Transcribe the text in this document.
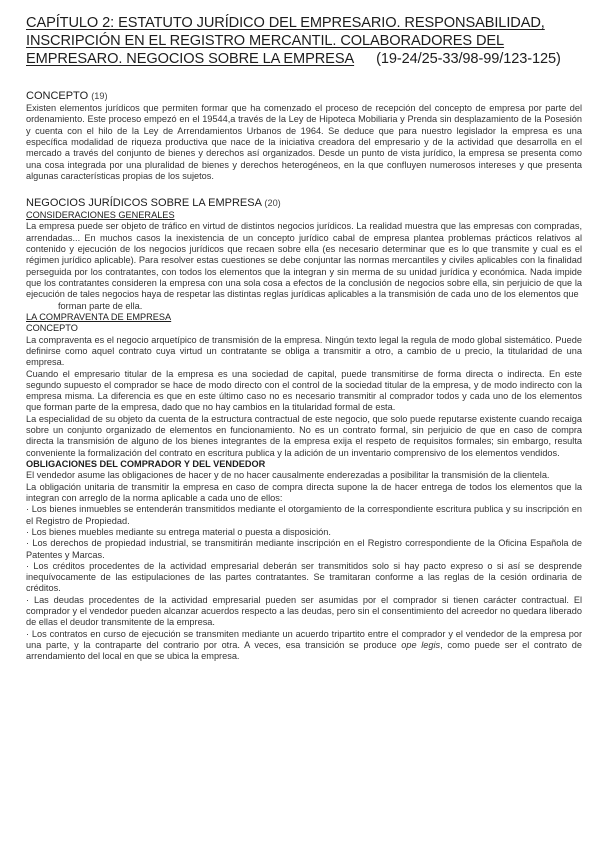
CAPÍTULO 2: ESTATUTO JURÍDICO DEL EMPRESARIO. RESPONSABILIDAD,
INSCRIPCIÓN EN EL REGISTRO MERCANTIL. COLABORADORES DEL
EMPRESARO. NEGOCIOS SOBRE LA EMPRESA (19-24/25-33/98-99/123-125)
CONCEPTO (19)

Existen elementos jurídicos que permiten formar que ha comenzado el proceso de recepción del concepto de empresa por parte del ordenamiento. Este proceso empezó en el 19544,a través de la Ley de Hipoteca Mobiliaria y Prenda sin desplazamiento de la Posesión y cuenta con el hilo de la Ley de Arrendamientos Urbanos de 1964. Se deduce que para nuestro legislador la empresa es una específica modalidad de riqueza productiva que nace de la iniciativa creadora del empresario y de la actividad que desarrolla en el mercado a través del conjunto de bienes y derechos así organizados. Desde un punto de vista jurídico, la empresa se presenta como una cosa integrada por una pluralidad de bienes y derechos heterogéneos, en la que confluyen numerosos intereses y que presenta algunas características propias de los sujetos.

NEGOCIOS JURÍDICOS SOBRE LA EMPRESA (20)
CONSIDERACIONES GENERALES

La empresa puede ser objeto de tráfico en virtud de distintos negocios jurídicos. La realidad muestra que las empresas con compradas, arrendadas... En muchos casos la inexistencia de un concepto jurídico cabal de empresa plantea problemas prácticos relativos al contenido y ejecución de los negocios jurídicos que recaen sobre ella (es necesario determinar que es lo que transmite y cual es el régimen jurídico aplicable). Para resolver estas cuestiones se debe conjuntar las normas mercantiles y civiles aplicables con la finalidad perseguida por los contratantes, con todos los elementos que la integran y sin merma de su unidad jurídica y económica. Nada impide que los contratantes consideren la empresa con una sola cosa a efectos de la conclusión de negocios sobre ella, sin perjuicio de que la ejecución de tales negocios haya de respetar las distintas reglas jurídicas aplicables a la transmisión de cada uno de los elementos que

forman parte de ella.

LA COMPRAVENTA DE EMPRESA
CONCEPTO

La compraventa es el negocio arquetípico de transmisión de la empresa. Ningún texto legal la regula de modo global sistemático. Puede definirse como aquel contrato cuya virtud un contratante se obliga a transmitir a otro, a cambio de u precio, la titularidad de una empresa.

Cuando el empresario titular de la empresa es una sociedad de capital, puede transmitirse de forma directa o indirecta. En este segundo supuesto el comprador se hace de modo directo con el control de la sociedad titular de la empresa, y de modo indirecto con la empresa misma. La diferencia es que en este último caso no es necesario transmitir al comprador todos y cada uno de los elementos que forman parte de la empresa, dado que no hay cambios en la titularidad formal de esta.

La especialidad de su objeto da cuenta de la estructura contractual de este negocio, que solo puede reputarse existente cuando recaiga sobre un conjunto organizado de elementos en funcionamiento. No es un contrato formal, sin perjuicio de que en caso de compra directa la transmisión de alguno de los bienes integrantes de la empresa exija el respeto de requisitos formales; sin embargo, resulta conveniente la formalización del contrato en escritura publica y la adición de un inventario comprensivo de los elementos vendidos.

OBLIGACIONES DEL COMPRADOR Y DEL VENDEDOR

El vendedor asume las obligaciones de hacer y de no hacer causalmente enderezadas a posibilitar la transmisión de la clientela.

La obligación unitaria de transmitir la empresa en caso de compra directa supone la de hacer entrega de todos los elementos que la integran con arreglo de la norma aplicable a cada uno de ellos:

· Los bienes inmuebles se entenderán transmitidos mediante el otorgamiento de la correspondiente escritura publica y su inscripción en el Registro de Propiedad.

· Los bienes muebles mediante su entrega material o puesta a disposición.

· Los derechos de propiedad industrial, se transmitirán mediante inscripción en el Registro correspondiente de la Oficina Española de Patentes y Marcas.

· Los créditos procedentes de la actividad empresarial deberán ser transmitidos solo si hay pacto expreso o si así se desprende inequívocamente de las estipulaciones de las partes contratantes. Se tramitaran conforme a las reglas de la cesión ordinaria de créditos.

· Las deudas procedentes de la actividad empresarial pueden ser asumidas por el comprador si tienen carácter contractual. El comprador y el vendedor pueden alcanzar acuerdos respecto a las deudas, pero sin el consentimiento del acreedor no quedara liberado de ellas el deudor transmitente de la empresa.

· Los contratos en curso de ejecución se transmiten mediante un acuerdo tripartito entre el comprador y el vendedor de la empresa por una parte, y la contraparte del contrario por otra. A veces, esa transición se produce ope legis, como puede ser el contrato de arrendamiento del local en que se ubica la empresa.
